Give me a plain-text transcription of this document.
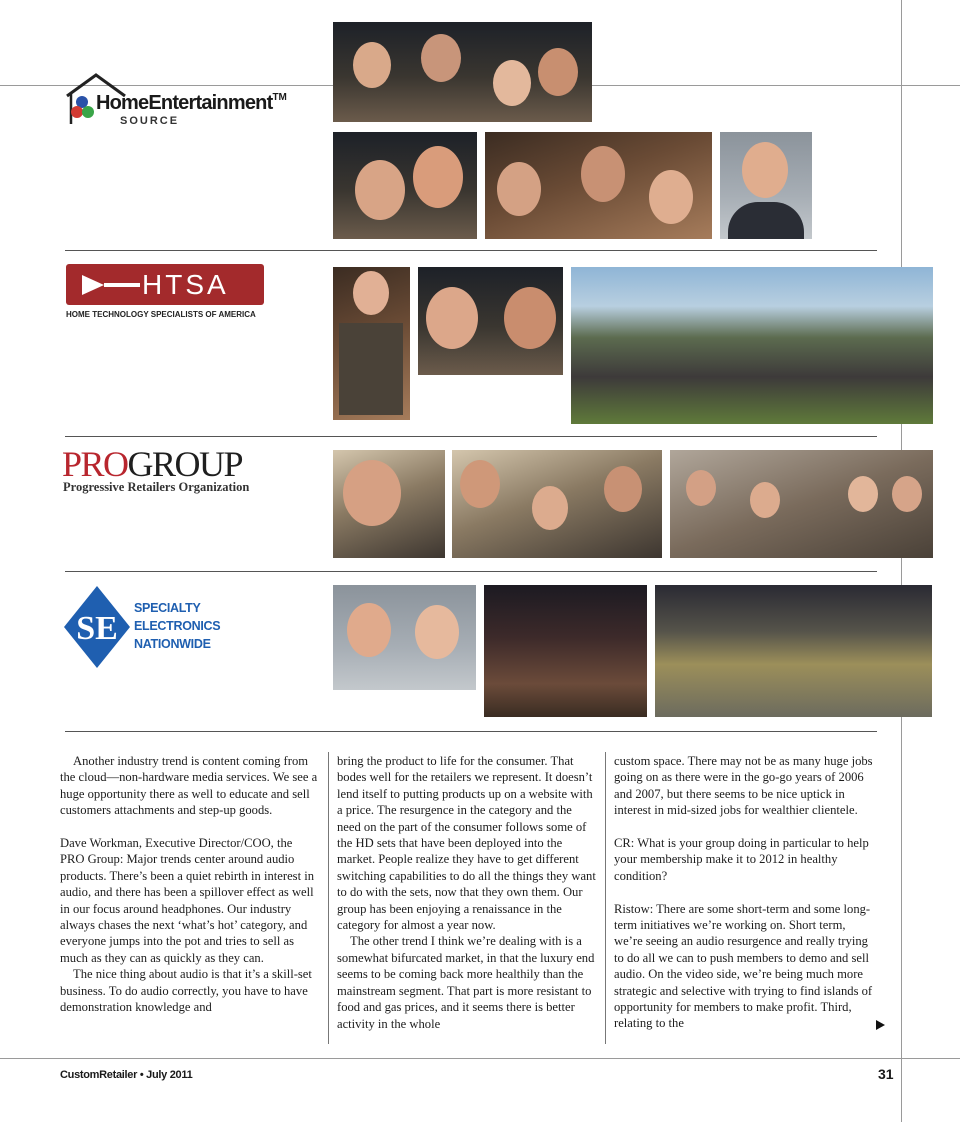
HomeEntertainment™
SOURCE
HTSA
HOME TECHNOLOGY SPECIALISTS OF AMERICA
PROGROUP
Progressive Retailers Organization
SE
SPECIALTY
ELECTRONICS
NATIONWIDE

Another industry trend is content coming from the cloud—non-hardware media services. We see a huge opportunity there as well to educate and sell customers attachments and step-up goods.

Dave Workman, Executive Director/COO, the PRO Group: Major trends center around audio products. There’s been a quiet rebirth in interest in audio, and there has been a spillover effect as well in our focus around headphones. Our industry always chases the next ‘what’s hot’ category, and everyone jumps into the pot and tries to sell as much as they can as quickly as they can.

The nice thing about audio is that it’s a skill-set business. To do audio correctly, you have to have demonstration knowledge and

bring the product to life for the consumer. That bodes well for the retailers we represent. It doesn’t lend itself to putting products up on a website with a price. The resurgence in the category and the need on the part of the consumer follows some of the HD sets that have been deployed into the market. People realize they have to get different switching capabilities to do all the things they want to do with the sets, now that they own them. Our group has been enjoying a renaissance in the category for almost a year now.

The other trend I think we’re dealing with is a somewhat bifurcated market, in that the luxury end seems to be coming back more healthily than the mainstream segment. That part is more resistant to food and gas prices, and it seems there is better activity in the whole

custom space. There may not be as many huge jobs going on as there were in the go-go years of 2006 and 2007, but there seems to be nice uptick in interest in mid-sized jobs for wealthier clientele.

CR: What is your group doing in particular to help your membership make it to 2012 in healthy condition?

Ristow: There are some short-term and some long-term initiatives we’re working on. Short term, we’re seeing an audio resurgence and really trying to do all we can to push members to demo and sell audio. On the video side, we’re being much more strategic and selective with trying to find islands of opportunity for members to make profit. Third, relating to the

CustomRetailer • July 2011	31
